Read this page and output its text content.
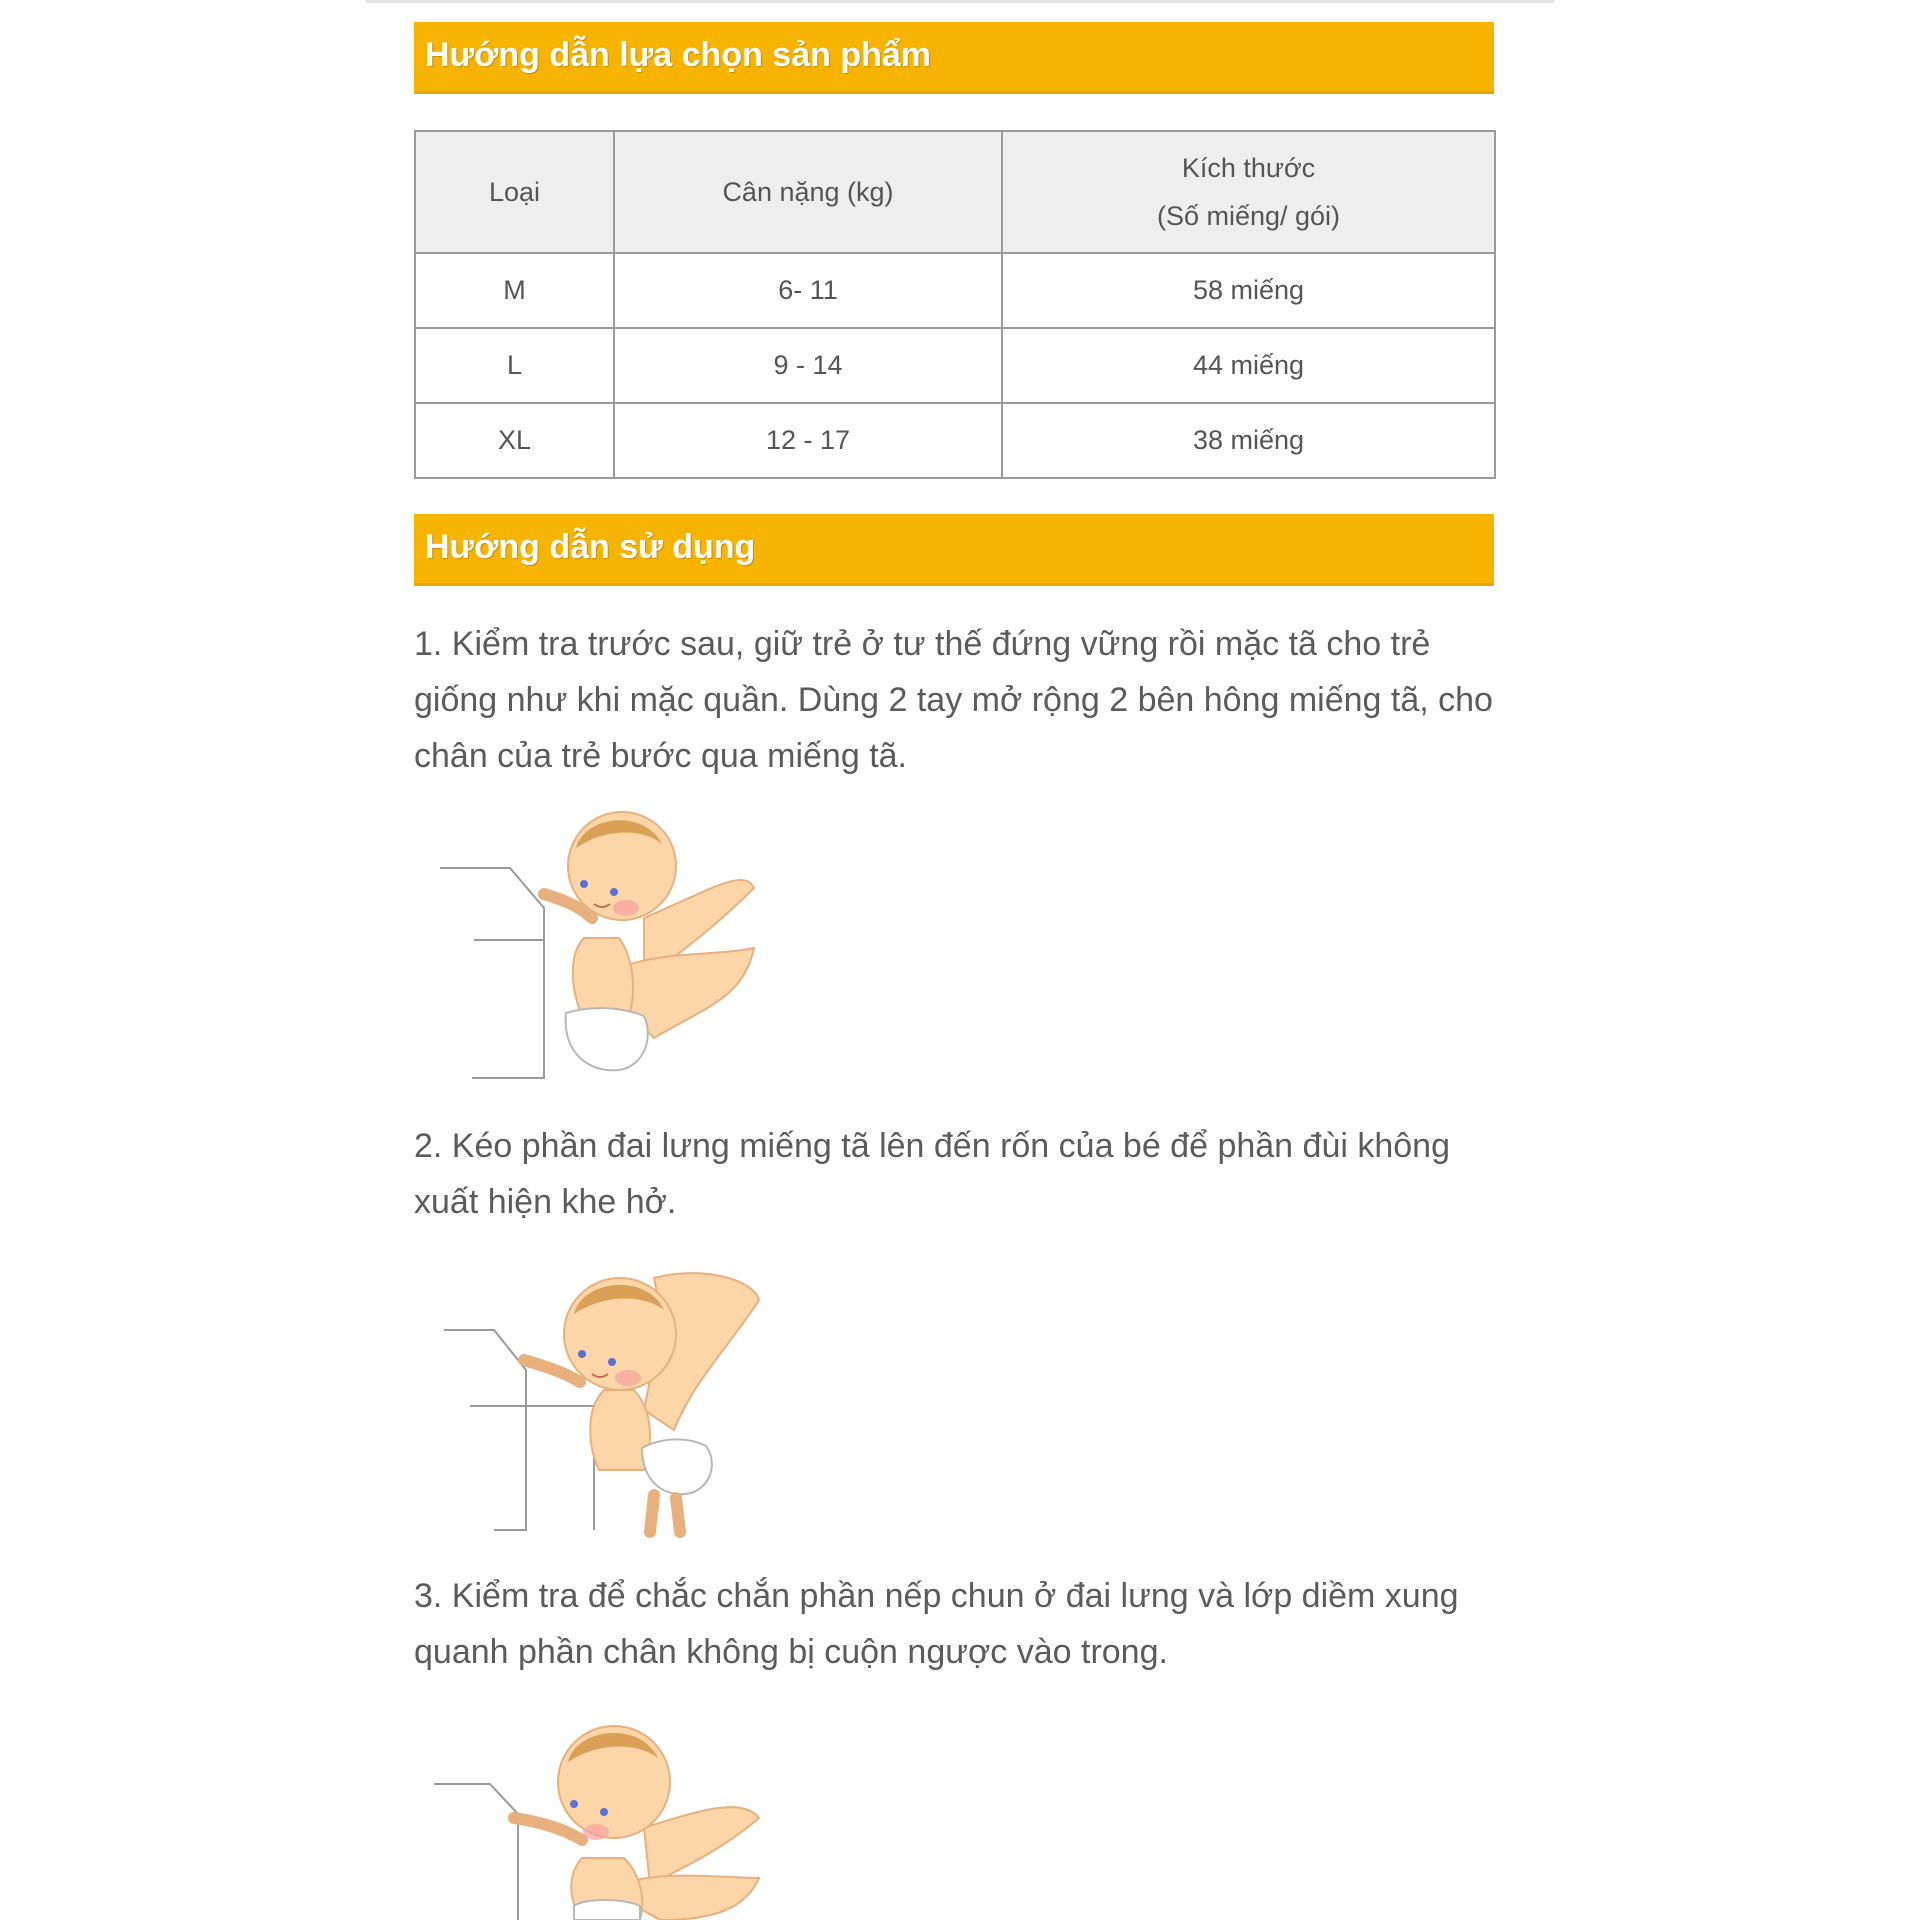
Hướng dẫn lựa chọn sản phẩm
Loại	Cân nặng (kg)	Kích thước
(Số miếng/ gói)

M	6- 11	58 miếng
L	9 - 14	44 miếng
XL	12 - 17	38 miếng
Hướng dẫn sử dụng

1. Kiểm tra trước sau, giữ trẻ ở tư thế đứng vững rồi mặc tã cho trẻ giống như khi mặc quần. Dùng 2 tay mở rộng 2 bên hông miếng tã, cho chân của trẻ bước qua miếng tã.

2. Kéo phần đai lưng miếng tã lên đến rốn của bé để phần đùi không xuất hiện khe hở.

3. Kiểm tra để chắc chắn phần nếp chun ở đai lưng và lớp diềm xung quanh phần chân không bị cuộn ngược vào trong.
